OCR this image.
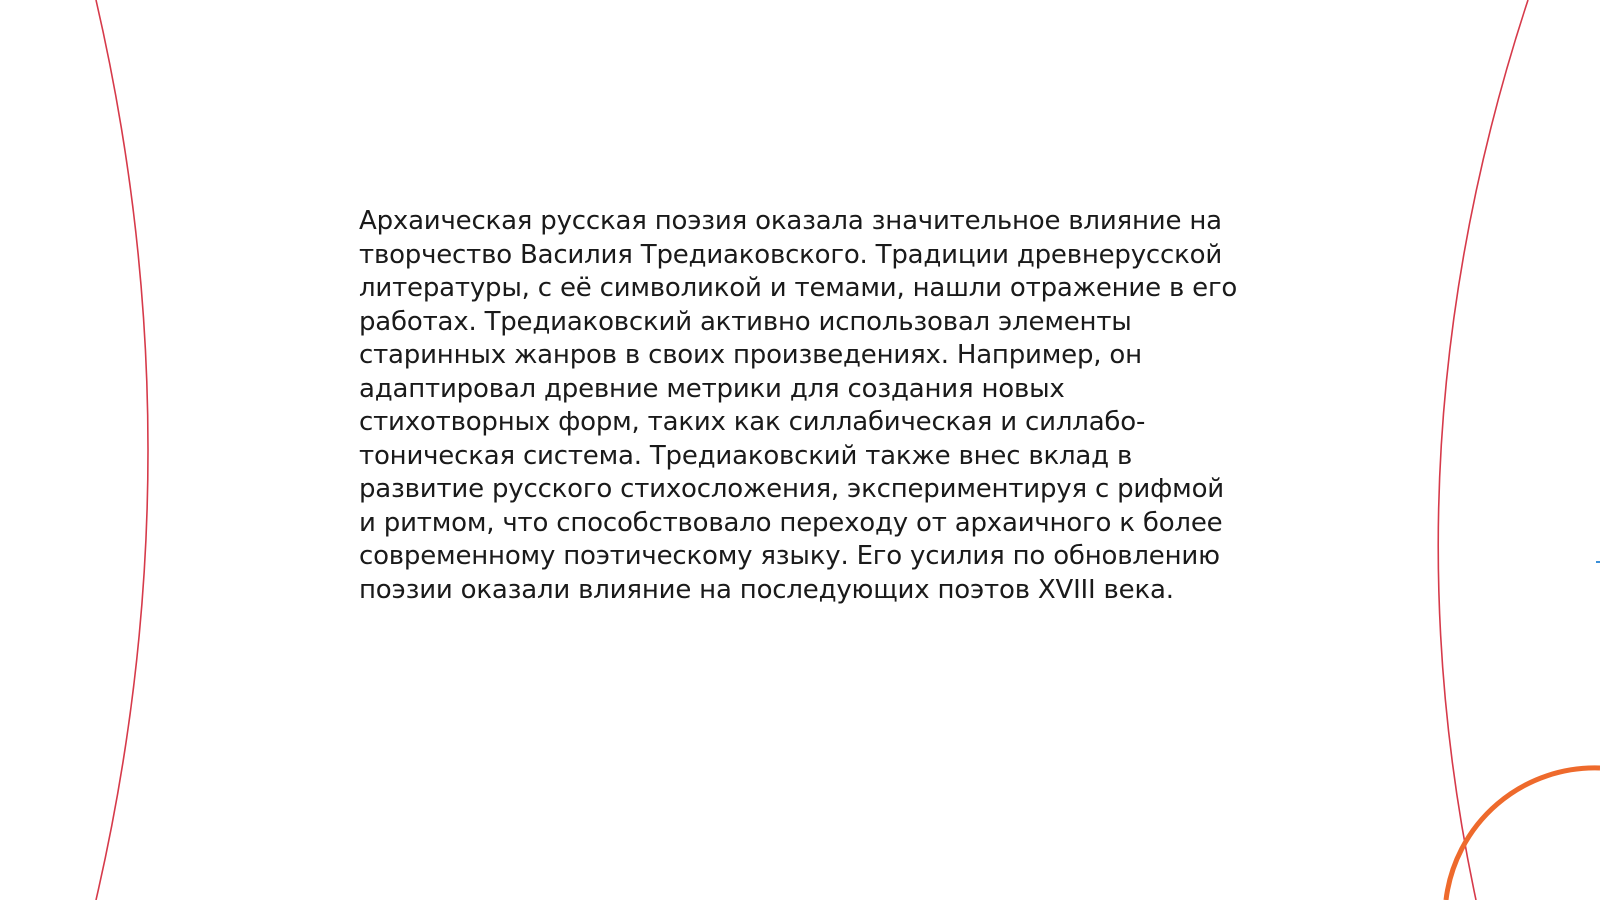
Архаическая русская поэзия оказала значительное влияние на творчество Василия Тредиаковского. Традиции древнерусской литературы, с её символикой и темами, нашли отражение в его работах. Тредиаковский активно использовал элементы старинных жанров в своих произведениях. Например, он адаптировал древние метрики для создания новых стихотворных форм, таких как силлабическая и силлабо-тоническая система. Тредиаковский также внес вклад в развитие русского стихосложения, экспериментируя с рифмой и ритмом, что способствовало переходу от архаичного к более современному поэтическому языку. Его усилия по обновлению поэзии оказали влияние на последующих поэтов XVIII века.
